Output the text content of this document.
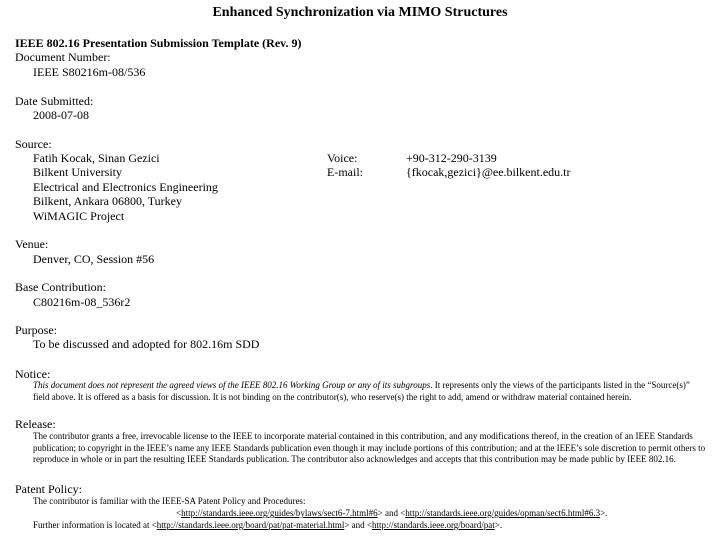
Enhanced Synchronization via MIMO Structures
IEEE 802.16 Presentation Submission Template (Rev. 9)
Document Number:
IEEE S80216m-08/536
Date Submitted:
2008-07-08
Source:
Fatih Kocak, Sinan Gezici
Bilkent University
Electrical and Electronics Engineering
Bilkent, Ankara 06800, Turkey
WiMAGIC Project
Voice:
E-mail:
+90-312-290-3139
{fkocak,gezici}@ee.bilkent.edu.tr
Venue:
Denver, CO, Session #56
Base Contribution:
C80216m-08_536r2
Purpose:
To be discussed and adopted for 802.16m SDD
Notice:
This document does not represent the agreed views of the IEEE 802.16 Working Group or any of its subgroups. It represents only the views of the participants listed in the “Source(s)” field above. It is offered as a basis for discussion. It is not binding on the contributor(s), who reserve(s) the right to add, amend or withdraw material contained herein.
Release:
The contributor grants a free, irrevocable license to the IEEE to incorporate material contained in this contribution, and any modifications thereof, in the creation of an IEEE Standards publication; to copyright in the IEEE’s name any IEEE Standards publication even though it may include portions of this contribution; and at the IEEE’s sole discretion to permit others to reproduce in whole or in part the resulting IEEE Standards publication. The contributor also acknowledges and accepts that this contribution may be made public by IEEE 802.16.
Patent Policy:
The contributor is familiar with the IEEE-SA Patent Policy and Procedures:
<http://standards.ieee.org/guides/bylaws/sect6-7.html#6> and <http://standards.ieee.org/guides/opman/sect6.html#6.3>.
Further information is located at <http://standards.ieee.org/board/pat/pat-material.html> and <http://standards.ieee.org/board/pat>.
